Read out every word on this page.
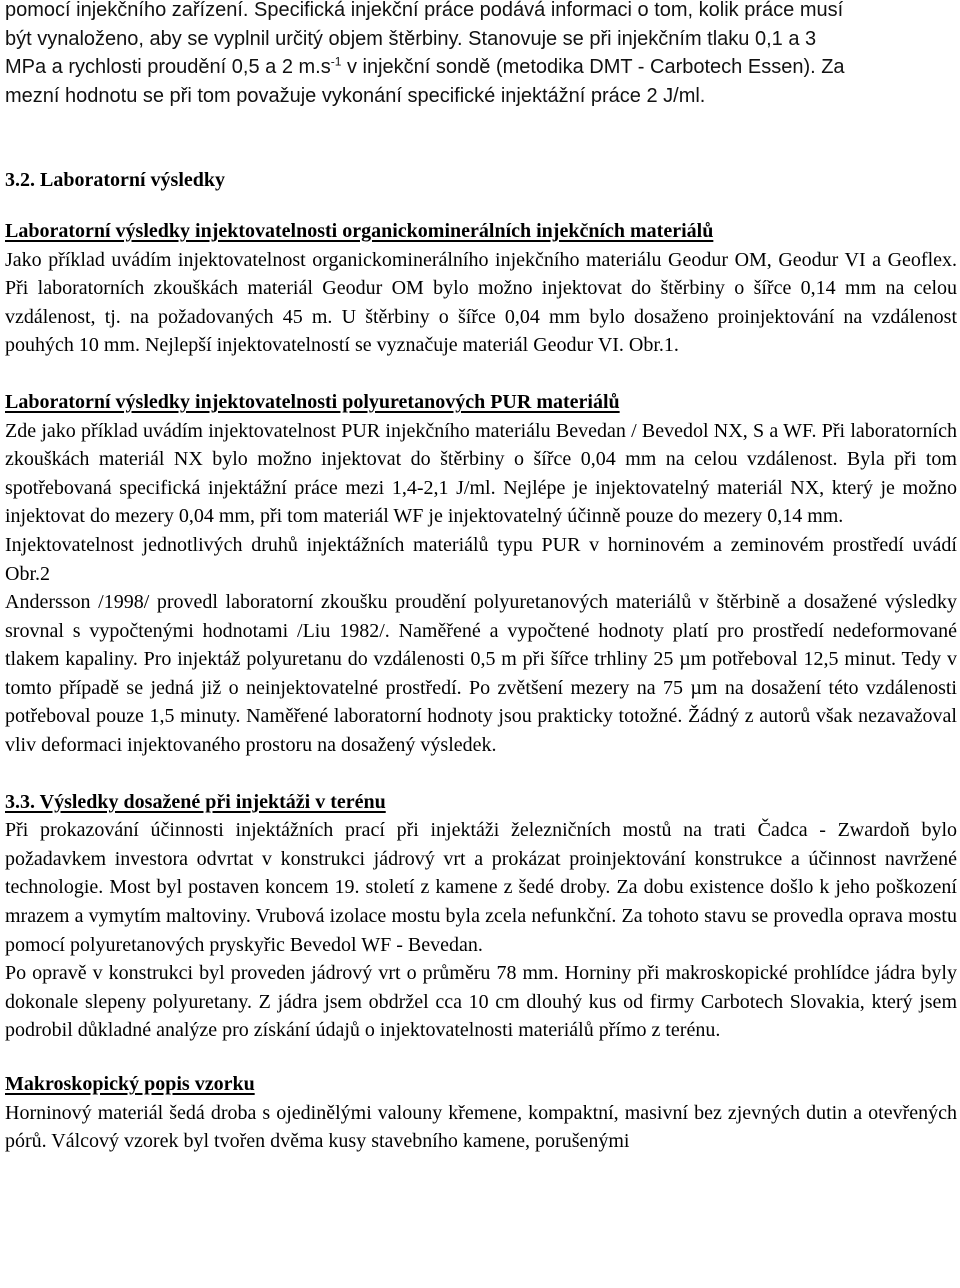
pomocí injekčního zařízení. Specifická injekční práce podává informaci o tom, kolik práce musí
být vynaloženo, aby se vyplnil určitý objem štěrbiny. Stanovuje se při injekčním tlaku 0,1 a 3
MPa a rychlosti proudění 0,5 a 2 $m.s^{-1}$ v injekční sondě (metodika DMT - Carbotech Essen). Za
mezní hodnotu se při tom považuje vykonání specifické injektážní práce 2 J/ml.

3.2. Laboratorní výsledky

Laboratorní výsledky injektovatelnosti organickominerálních injekčních materiálů

Jako příklad uvádím injektovatelnost organickominerálního injekčního materiálu Geodur OM, Geodur VI a Geoflex. Při laboratorních zkouškách materiál Geodur OM bylo možno injektovat do štěrbiny o šířce 0,14 mm na celou vzdálenost, tj. na požadovaných 45 m. U štěrbiny o šířce 0,04 mm bylo dosaženo proinjektování na vzdálenost pouhých 10 mm. Nejlepší injektovatelností se vyznačuje materiál Geodur VI. Obr.1.

Laboratorní výsledky injektovatelnosti polyuretanových PUR materiálů

Zde jako příklad uvádím injektovatelnost PUR injekčního materiálu Bevedan / Bevedol NX, S a WF. Při laboratorních zkouškách materiál NX bylo možno injektovat do štěrbiny o šířce 0,04 mm na celou vzdálenost. Byla při tom spotřebovaná specifická injektážní práce mezi 1,4-2,1 J/ml. Nejlépe je injektovatelný materiál NX, který je možno injektovat do mezery 0,04 mm, při tom materiál WF je injektovatelný účinně pouze do mezery 0,14 mm.

Injektovatelnost jednotlivých druhů injektážních materiálů typu PUR v horninovém a zeminovém prostředí uvádí Obr.2

Andersson /1998/ provedl laboratorní zkoušku proudění polyuretanových materiálů v štěrbině a dosažené výsledky srovnal s vypočtenými hodnotami /Liu 1982/. Naměřené a vypočtené hodnoty platí pro prostředí nedeformované tlakem kapaliny. Pro injektáž polyuretanu do vzdálenosti 0,5 m při šířce trhliny 25 µm potřeboval 12,5 minut. Tedy v tomto případě se jedná již o neinjektovatelné prostředí. Po zvětšení mezery na 75 µm na dosažení této vzdálenosti potřeboval pouze 1,5 minuty. Naměřené laboratorní hodnoty jsou prakticky totožné. Žádný z autorů však nezavažoval vliv deformaci injektovaného prostoru na dosažený výsledek.

3.3. Výsledky dosažené při injektáži v terénu

Při prokazování účinnosti injektážních prací při injektáži železničních mostů na trati Čadca - Zwardoň bylo požadavkem investora odvrtat v konstrukci jádrový vrt a prokázat proinjektování konstrukce a účinnost navržené technologie. Most byl postaven koncem 19. století z kamene z šedé droby. Za dobu existence došlo k jeho poškození mrazem a vymytím maltoviny. Vrubová izolace mostu byla zcela nefunkční. Za tohoto stavu se provedla oprava mostu pomocí polyuretanových pryskyřic Bevedol WF - Bevedan.

Po opravě v konstrukci byl proveden jádrový vrt o průměru 78 mm. Horniny při makroskopické prohlídce jádra byly dokonale slepeny polyuretany. Z jádra jsem obdržel cca 10 cm dlouhý kus od firmy Carbotech Slovakia, který jsem podrobil důkladné analýze pro získání údajů o injektovatelnosti materiálů přímo z terénu.

Makroskopický popis vzorku

Horninový materiál šedá droba s ojedinělými valouny křemene, kompaktní, masivní bez zjevných dutin a otevřených pórů. Válcový vzorek byl tvořen dvěma kusy stavebního kamene, porušenými
